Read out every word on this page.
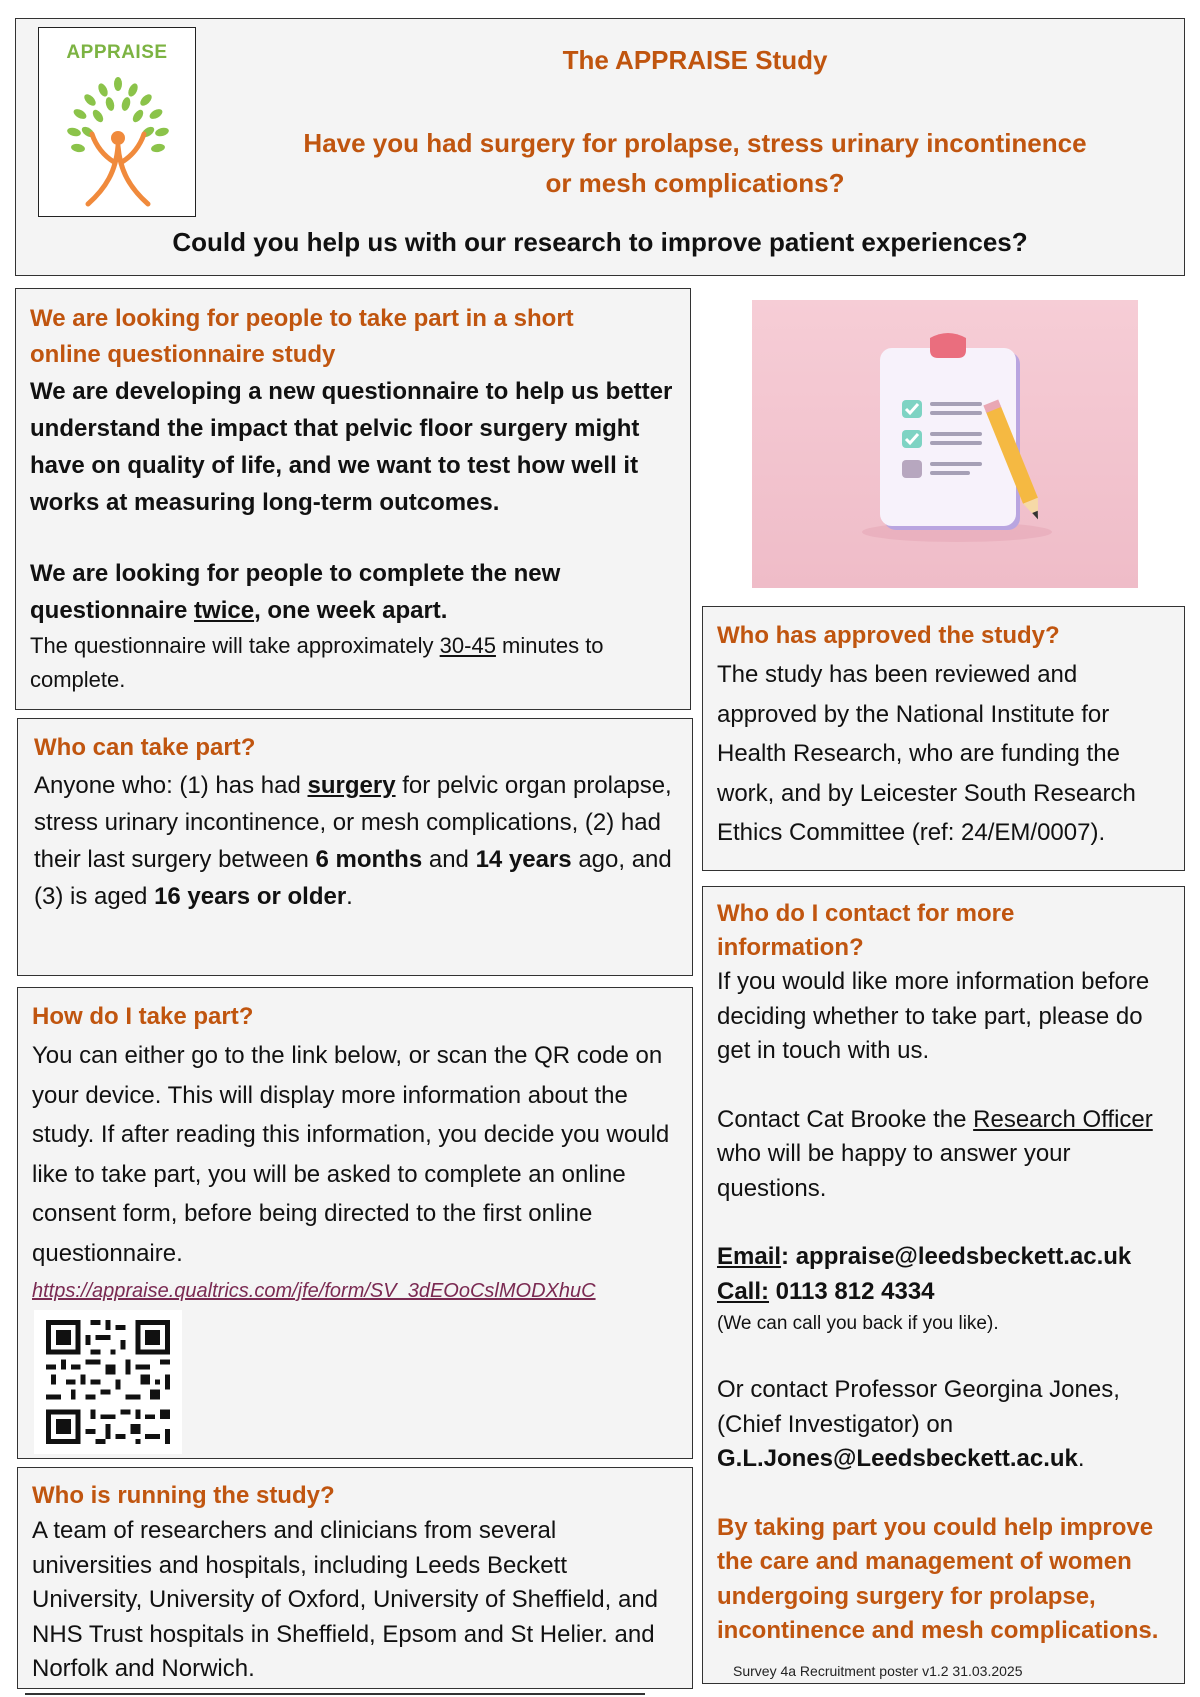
APPRAISE	The APPRAISE Study
Have you had surgery for prolapse, stress urinary incontinence
or mesh complications?
Could you help us with our research to improve patient experiences?
We are looking for people to take part in a short
online questionnaire study

We are developing a new questionnaire to help us better understand the impact that pelvic floor surgery might have on quality of life, and we want to test how well it works at measuring long-term outcomes.

We are looking for people to complete the new questionnaire twice, one week apart.

The questionnaire will take approximately 30-45 minutes to complete.

Who can take part?

Anyone who: (1) has had surgery for pelvic organ prolapse, stress urinary incontinence, or mesh complications, (2) had their last surgery between 6 months and 14 years ago, and (3) is aged 16 years or older.

How do I take part?

You can either go to the link below, or scan the QR code on your device. This will display more information about the study. If after reading this information, you decide you would like to take part, you will be asked to complete an online consent form, before being directed to the first online questionnaire.

https://appraise.qualtrics.com/jfe/form/SV_3dEOoCslMODXhuC
Who is running the study?

A team of researchers and clinicians from several universities and hospitals, including Leeds Beckett University, University of Oxford, University of Sheffield, and NHS Trust hospitals in Sheffield, Epsom and St Helier. and Norfolk and Norwich.

Who has approved the study?

The study has been reviewed and approved by the National Institute for Health Research, who are funding the work, and by Leicester South Research Ethics Committee (ref: 24/EM/0007).

Who do I contact for more
information?

If you would like more information before deciding whether to take part, please do get in touch with us.

Contact Cat Brooke the Research Officer who will be happy to answer your questions.

Email: appraise@leedsbeckett.ac.uk

Call: 0113 812 4334

(We can call you back if you like).

Or contact Professor Georgina Jones, (Chief Investigator) on G.L.Jones@Leedsbeckett.ac.uk.

By taking part you could help improve the care and management of women undergoing surgery for prolapse, incontinence and mesh complications.

Survey 4a Recruitment poster v1.2 31.03.2025
